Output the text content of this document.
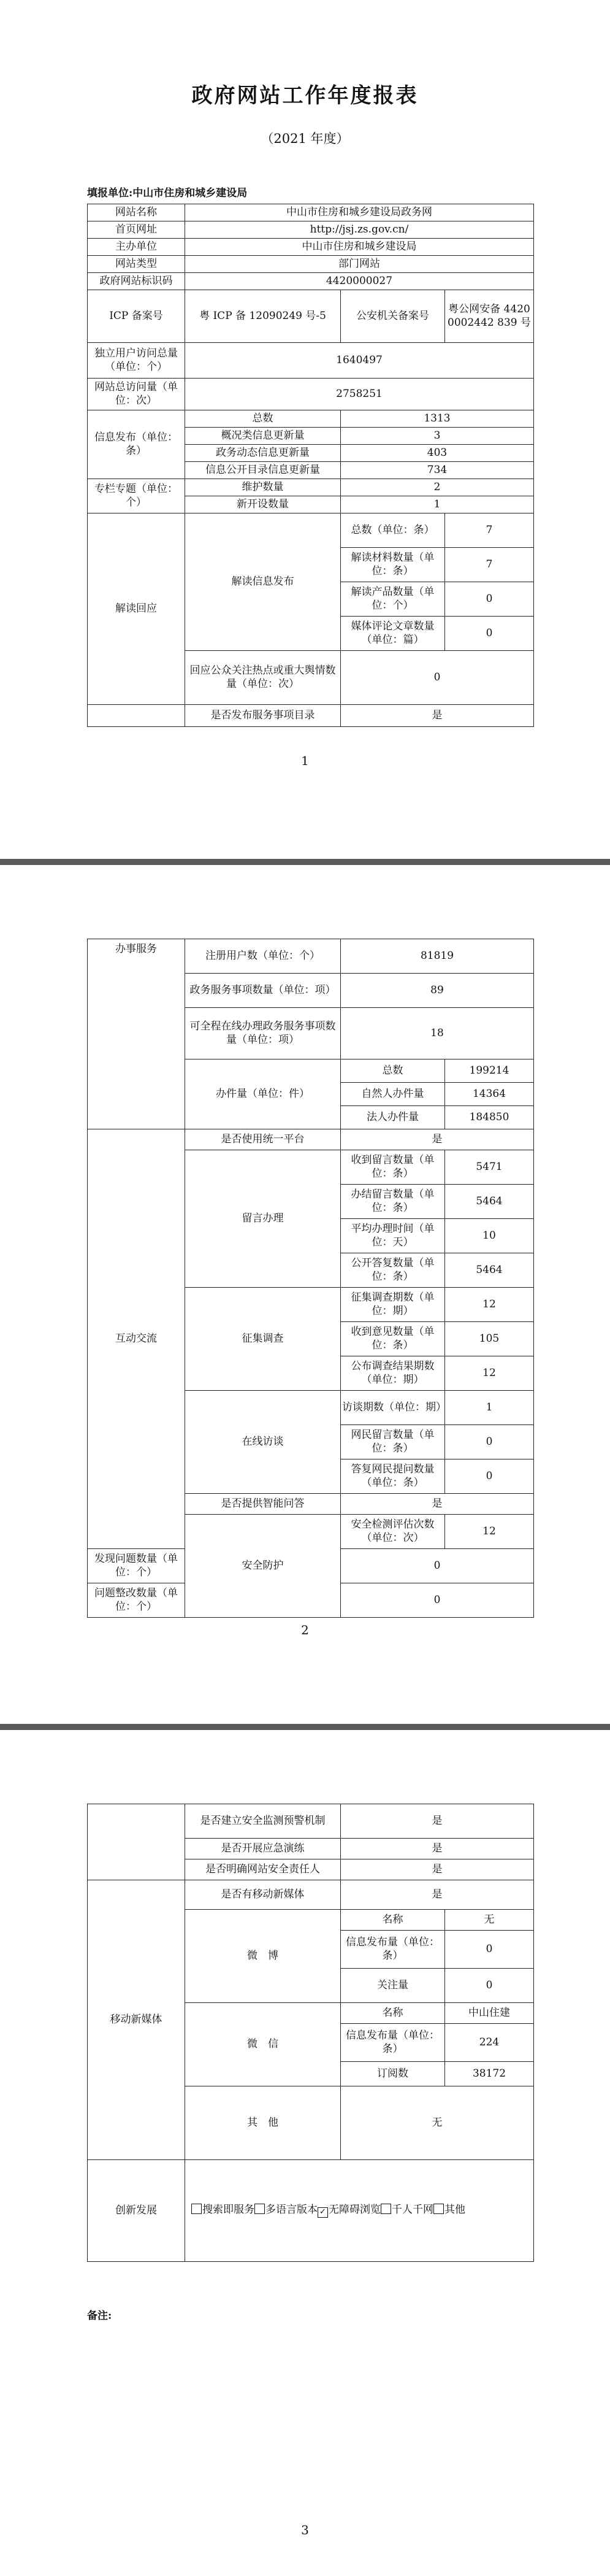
政府网站工作年度报表
（2021 年度）
填报单位:中山市住房和城乡建设局
网站名称	中山市住房和城乡建设局政务网		
首页网址	http://jsj.zs.gov.cn/		
主办单位	中山市住房和城乡建设局		
网站类型	部门网站		
政府网站标识码	4420000027		
ICP 备案号	粤 ICP 备 12090249 号-5	公安机关备案号	粤公网安备 44200002442 839 号
独立用户访问总量（单位：个）	1640497		
网站总访问量（单位：次）	2758251		
信息发布（单位：条）	总数	1313	
	概况类信息更新量	3	
	政务动态信息更新量	403	
	信息公开目录信息更新量	734	
专栏专题（单位：个）	维护数量	2	
	新开设数量	1	
解读回应	解读信息发布	总数（单位：条）	7
		解读材料数量（单位：条）	7
		解读产品数量（单位：个）	0
		媒体评论文章数量（单位：篇）	0
	回应公众关注热点或重大舆情数量（单位：次）	0	
	是否发布服务事项目录	是	
1
办事服务	注册用户数（单位：个）	81819	
	政务服务事项数量（单位：项）	89	
	可全程在线办理政务服务事项数量（单位：项）	18	
	办件量（单位：件）	总数	199214
		自然人办件量	14364
		法人办件量	184850
互动交流	是否使用统一平台	是	
	留言办理	收到留言数量（单位：条）	5471
		办结留言数量（单位：条）	5464
		平均办理时间（单位：天）	10
		公开答复数量（单位：条）	5464
	征集调查	征集调查期数（单位：期）	12
		收到意见数量（单位：条）	105
		公布调查结果期数（单位：期）	12
	在线访谈	访谈期数（单位：期）	1
		网民留言数量（单位：条）	0
		答复网民提问数量（单位：条）	0
	是否提供智能问答	是	
	安全防护	安全检测评估次数（单位：次）	12
发现问题数量（单位：个）		0	
问题整改数量（单位：个）		0	
2
	是否建立安全监测预警机制	是	
	是否开展应急演练	是	
	是否明确网站安全责任人	是	
移动新媒体	是否有移动新媒体	是	
	微　博	名称	无
		信息发布量（单位：条）	0
		关注量	0
	微　信	名称	中山住建
		信息发布量（单位：条）	224
		订阅数	38172
	其　他	无	
创新发展	搜索即服务 多语言版本 ✓ 无障碍浏览 千人千网 其他		
备注:
3
